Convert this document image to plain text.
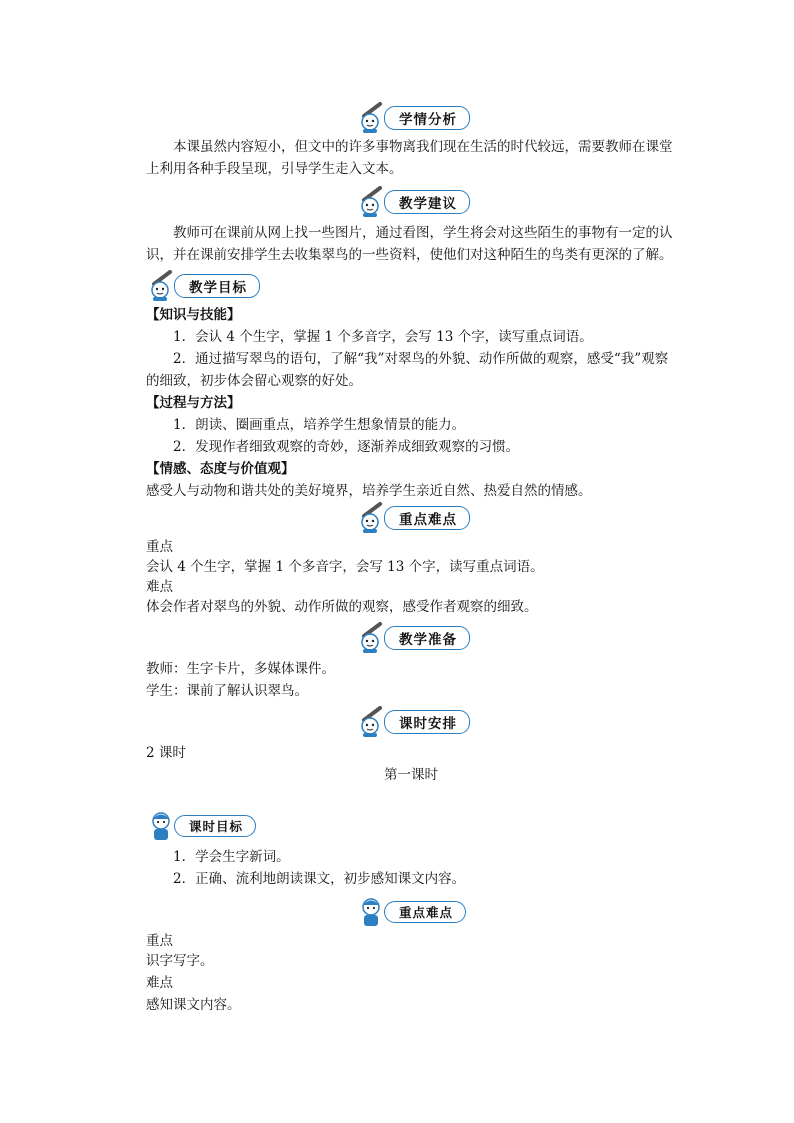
学情分析

本课虽然内容短小，但文中的许多事物离我们现在生活的时代较远，需要教师在课堂上利用各种手段呈现，引导学生走入文本。

教学建议

教师可在课前从网上找一些图片，通过看图，学生将会对这些陌生的事物有一定的认识，并在课前安排学生去收集翠鸟的一些资料，使他们对这种陌生的鸟类有更深的了解。

教学目标

【知识与技能】

1．会认 4 个生字，掌握 1 个多音字，会写 13 个字，读写重点词语。

2．通过描写翠鸟的语句，了解“我”对翠鸟的外貌、动作所做的观察，感受“我”观察的细致，初步体会留心观察的好处。

【过程与方法】

1．朗读、圈画重点，培养学生想象情景的能力。

2．发现作者细致观察的奇妙，逐渐养成细致观察的习惯。

【情感、态度与价值观】

感受人与动物和谐共处的美好境界，培养学生亲近自然、热爱自然的情感。

重点难点

重点

会认 4 个生字，掌握 1 个多音字，会写 13 个字，读写重点词语。

难点

体会作者对翠鸟的外貌、动作所做的观察，感受作者观察的细致。

教学准备

教师：生字卡片，多媒体课件。

学生：课前了解认识翠鸟。

课时安排

2 课时

第一课时

课时目标

1．学会生字新词。

2．正确、流利地朗读课文，初步感知课文内容。

重点难点

重点

识字写字。

难点

感知课文内容。
